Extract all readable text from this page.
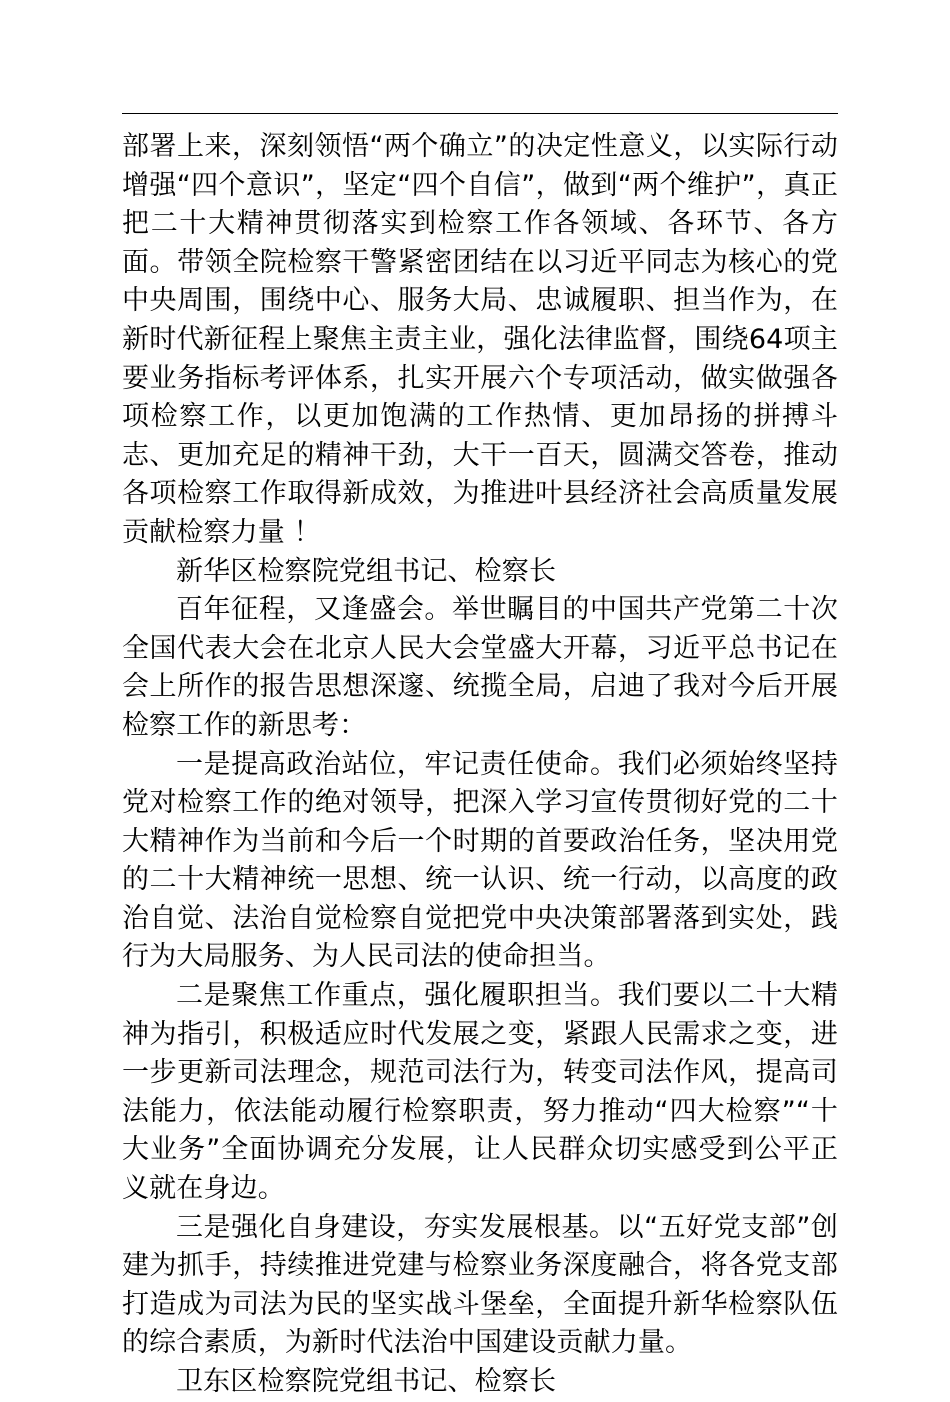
部署上来，深刻领悟“两个确立”的决定性意义，以实际行动增强“四个意识”，坚定“四个自信”，做到“两个维护”，真正把二十大精神贯彻落实到检察工作各领域、各环节、各方面。带领全院检察干警紧密团结在以习近平同志为核心的党中央周围，围绕中心、服务大局、忠诚履职、担当作为，在新时代新征程上聚焦主责主业，强化法律监督，围绕64项主要业务指标考评体系，扎实开展六个专项活动，做实做强各项检察工作，以更加饱满的工作热情、更加昂扬的拼搏斗志、更加充足的精神干劲，大干一百天，圆满交答卷，推动各项检察工作取得新成效，为推进叶县经济社会高质量发展贡献检察力量 ！

新华区检察院党组书记、检察长

百年征程，又逢盛会。举世瞩目的中国共产党第二十次全国代表大会在北京人民大会堂盛大开幕，习近平总书记在会上所作的报告思想深邃、统揽全局，启迪了我对今后开展检察工作的新思考：

一是提高政治站位，牢记责任使命。我们必须始终坚持党对检察工作的绝对领导，把深入学习宣传贯彻好党的二十大精神作为当前和今后一个时期的首要政治任务，坚决用党的二十大精神统一思想、统一认识、统一行动，以高度的政治自觉、法治自觉检察自觉把党中央决策部署落到实处，践行为大局服务、为人民司法的使命担当。

二是聚焦工作重点，强化履职担当。我们要以二十大精神为指引，积极适应时代发展之变，紧跟人民需求之变，进一步更新司法理念，规范司法行为，转变司法作风，提高司法能力，依法能动履行检察职责，努力推动“四大检察”“十大业务”全面协调充分发展，让人民群众切实感受到公平正义就在身边。

三是强化自身建设，夯实发展根基。以“五好党支部”创建为抓手，持续推进党建与检察业务深度融合，将各党支部打造成为司法为民的坚实战斗堡垒，全面提升新华检察队伍的综合素质，为新时代法治中国建设贡献力量。

卫东区检察院党组书记、检察长
